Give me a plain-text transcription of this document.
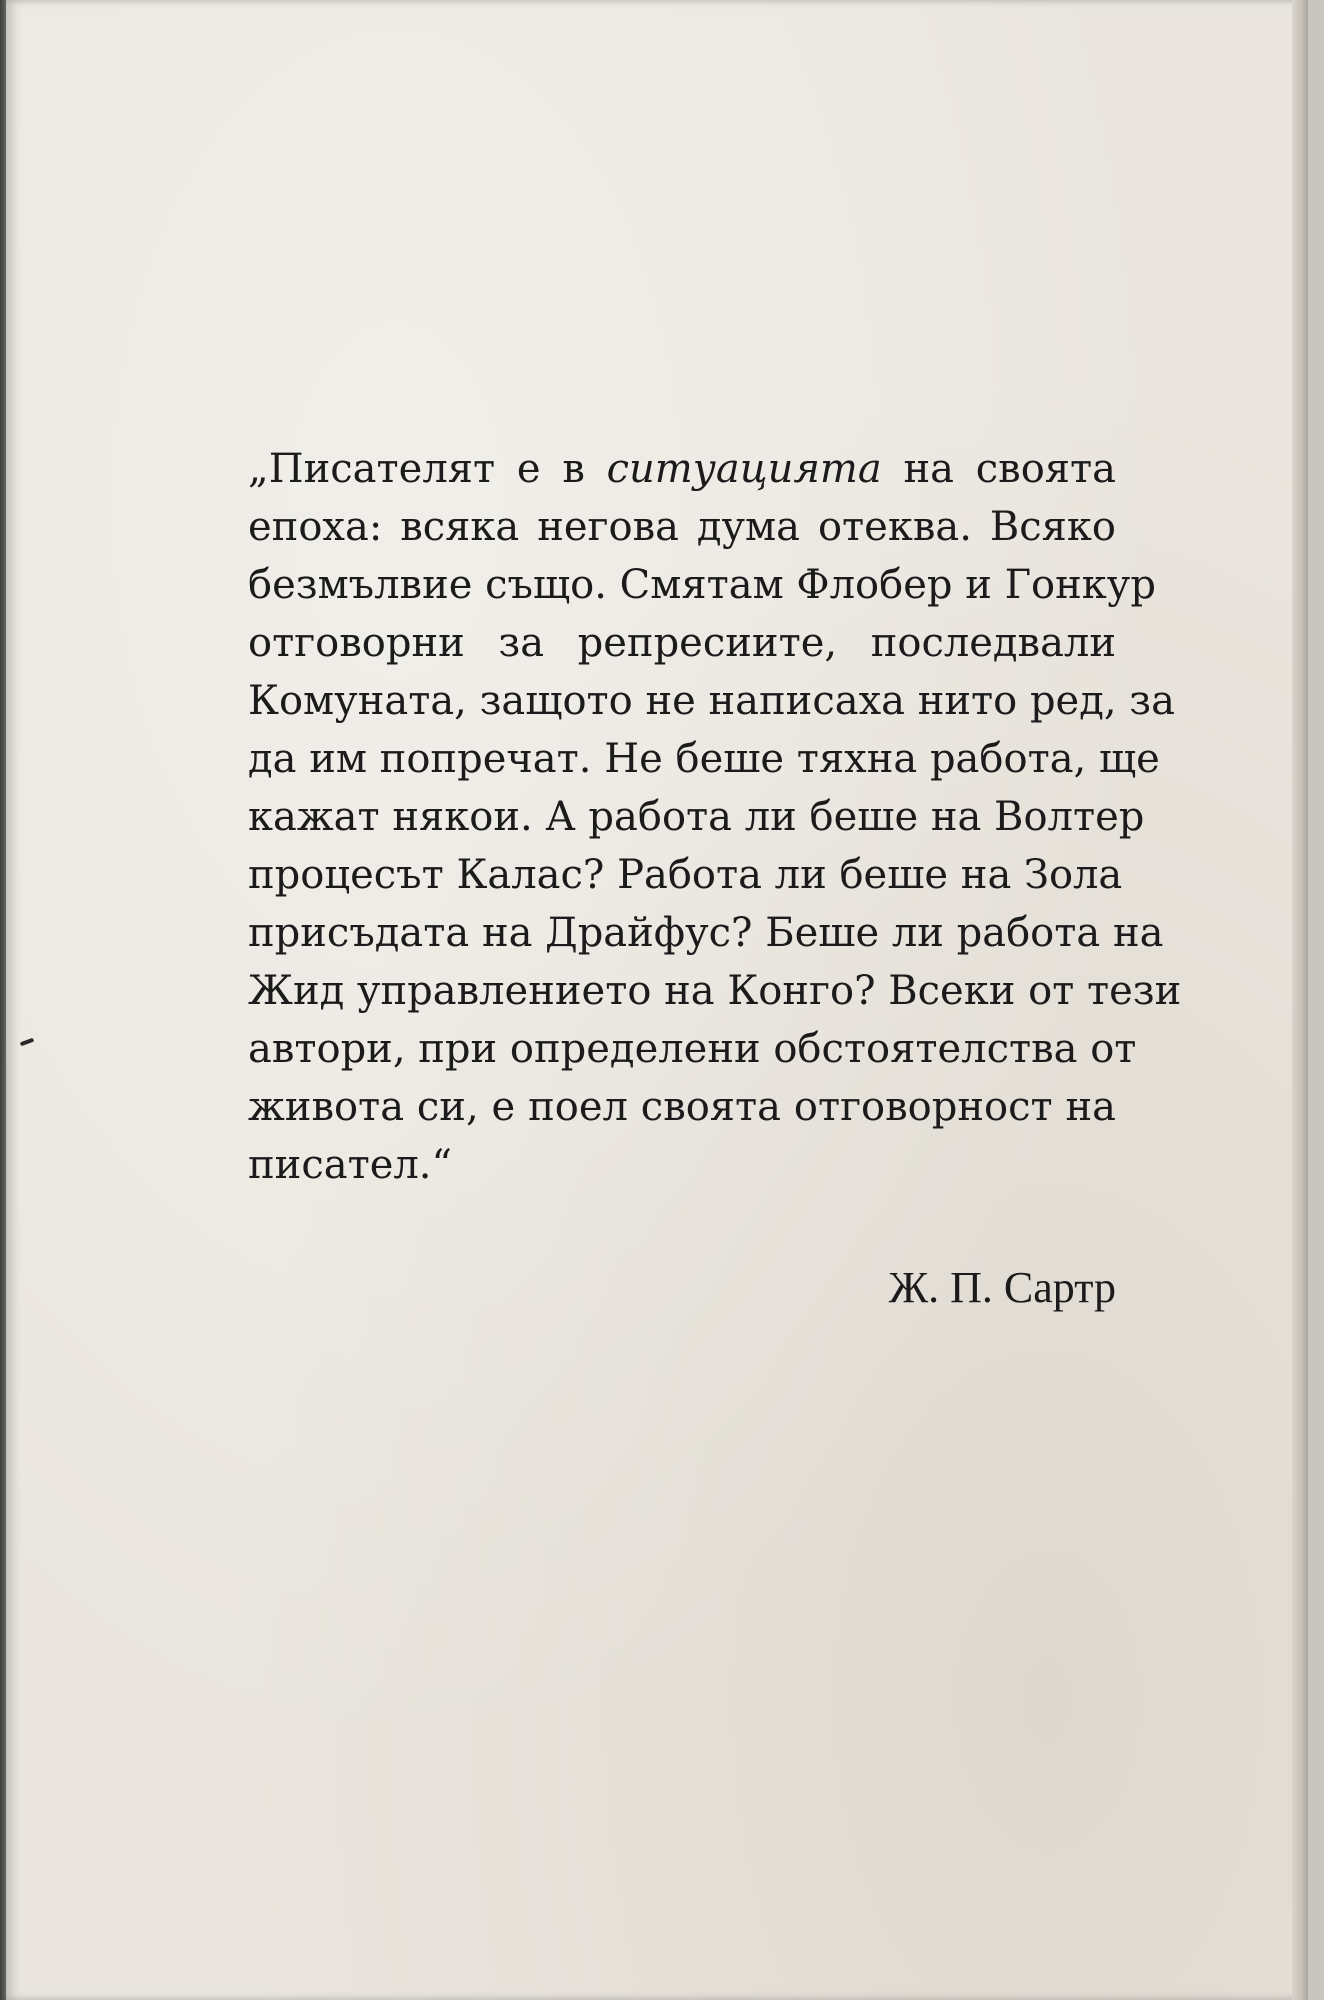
„Писателят е в ситуацията на своята
епоха: всяка негова дума отеква. Всяко
безмълвие също. Смятам Флобер и Гонкур
отговорни за репресиите, последвали
Комуната, защото не написаха нито ред, за
да им попречат. Не беше тяхна работа, ще
кажат някои. А работа ли беше на Волтер
процесът Калас? Работа ли беше на Зола
присъдата на Драйфус? Беше ли работа на
Жид управлението на Конго? Всеки от тези
автори, при определени обстоятелства от
живота си, е поел своята отговорност на
писател.“

Ж. П. Сартр
